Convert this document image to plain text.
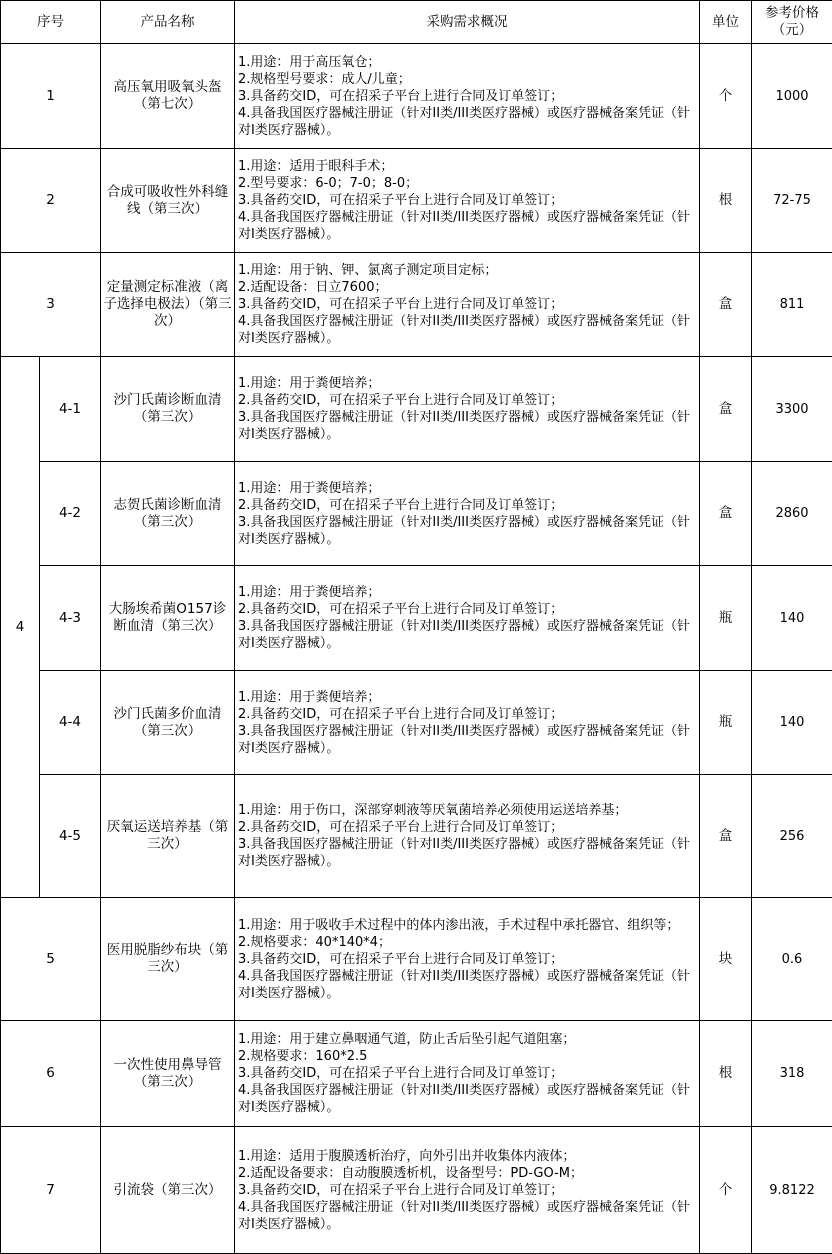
序号		产品名称	采购需求概况	单位	参考价格
（元）
1		高压氧用吸氧头盔（第七次）	1.用途：用于高压氧仓；
2.规格型号要求：成人/儿童；
3.具备药交ID，可在招采子平台上进行合同及订单签订；
4.具备我国医疗器械注册证（针对II类/III类医疗器械）或医疗器械备案凭证（针对I类医疗器械）。	个	1000
2		合成可吸收性外科缝线（第三次）	1.用途：适用于眼科手术；
2.型号要求：6-0；7-0；8-0；
3.具备药交ID，可在招采子平台上进行合同及订单签订；
4.具备我国医疗器械注册证（针对II类/III类医疗器械）或医疗器械备案凭证（针对I类医疗器械）。	根	72-75
3		定量测定标准液（离子选择电极法）（第三次）	1.用途：用于钠、钾、氯离子测定项目定标；
2.适配设备：日立7600；
3.具备药交ID，可在招采子平台上进行合同及订单签订；
4.具备我国医疗器械注册证（针对II类/III类医疗器械）或医疗器械备案凭证（针对I类医疗器械）。	盒	811
4	4-1	沙门氏菌诊断血清（第三次）	1.用途：用于粪便培养；
2.具备药交ID，可在招采子平台上进行合同及订单签订；
3.具备我国医疗器械注册证（针对II类/III类医疗器械）或医疗器械备案凭证（针对I类医疗器械）。	盒	3300
	4-2	志贺氏菌诊断血清（第三次）	1.用途：用于粪便培养；
2.具备药交ID，可在招采子平台上进行合同及订单签订；
3.具备我国医疗器械注册证（针对II类/III类医疗器械）或医疗器械备案凭证（针对I类医疗器械）。	盒	2860
	4-3	大肠埃希菌O157诊断血清（第三次）	1.用途：用于粪便培养；
2.具备药交ID，可在招采子平台上进行合同及订单签订；
3.具备我国医疗器械注册证（针对II类/III类医疗器械）或医疗器械备案凭证（针对I类医疗器械）。	瓶	140
	4-4	沙门氏菌多价血清（第三次）	1.用途：用于粪便培养；
2.具备药交ID，可在招采子平台上进行合同及订单签订；
3.具备我国医疗器械注册证（针对II类/III类医疗器械）或医疗器械备案凭证（针对I类医疗器械）。	瓶	140
	4-5	厌氧运送培养基（第三次）	1.用途：用于伤口，深部穿刺液等厌氧菌培养必须使用运送培养基；
2.具备药交ID，可在招采子平台上进行合同及订单签订；
3.具备我国医疗器械注册证（针对II类/III类医疗器械）或医疗器械备案凭证（针对I类医疗器械）。	盒	256
5		医用脱脂纱布块（第三次）	1.用途：用于吸收手术过程中的体内渗出液，手术过程中承托器官、组织等；
2.规格要求：40*140*4；
3.具备药交ID，可在招采子平台上进行合同及订单签订；
4.具备我国医疗器械注册证（针对II类/III类医疗器械）或医疗器械备案凭证（针对I类医疗器械）。	块	0.6
6		一次性使用鼻导管（第三次）	1.用途：用于建立鼻咽通气道，防止舌后坠引起气道阻塞；
2.规格要求：160*2.5
3.具备药交ID，可在招采子平台上进行合同及订单签订；
4.具备我国医疗器械注册证（针对II类/III类医疗器械）或医疗器械备案凭证（针对I类医疗器械）。	根	318
7		引流袋（第三次）	1.用途：适用于腹膜透析治疗，向外引出并收集体内液体；
2.适配设备要求：自动腹膜透析机，设备型号：PD-GO-M；
3.具备药交ID，可在招采子平台上进行合同及订单签订；
4.具备我国医疗器械注册证（针对II类/III类医疗器械）或医疗器械备案凭证（针对I类医疗器械）。	个	9.8122
